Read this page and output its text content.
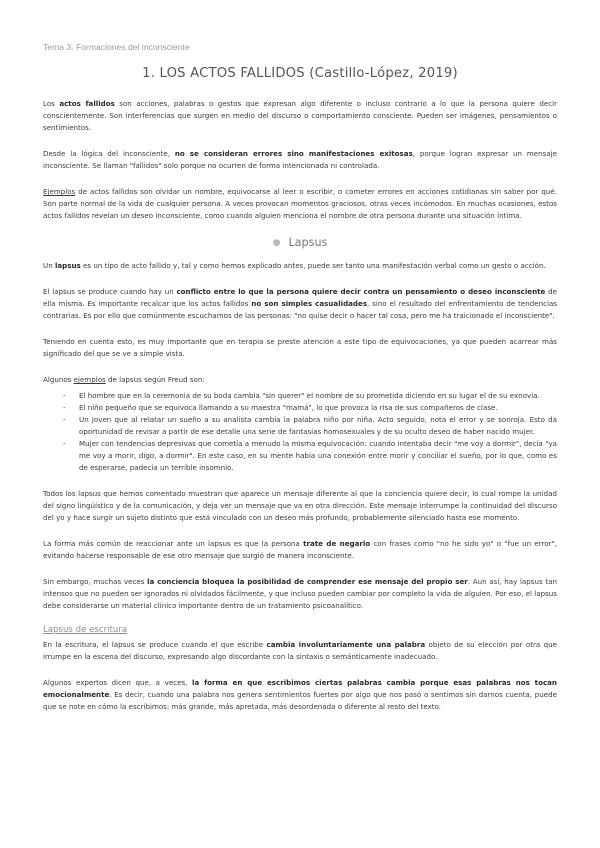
Tema 3. Formaciones del inconsciente
1. LOS ACTOS FALLIDOS (Castillo-López, 2019)

Los actos fallidos son acciones, palabras o gestos que expresan algo diferente o incluso contrario a lo que la persona quiere decir conscientemente. Son interferencias que surgen en medio del discurso o comportamiento consciente. Pueden ser imágenes, pensamientos o sentimientos.

Desde la lógica del inconsciente, no se consideran errores sino manifestaciones exitosas, porque logran expresar un mensaje inconsciente. Se llaman "fallidos" solo porque no ocurren de forma intencionada ni controlada.

Ejemplos de actos fallidos son olvidar un nombre, equivocarse al leer o escribir, o cometer errores en acciones cotidianas sin saber por qué. Son parte normal de la vida de cualquier persona. A veces provocan momentos graciosos, otras veces incómodos. En muchas ocasiones, estos actos fallidos revelan un deseo inconsciente, como cuando alguien menciona el nombre de otra persona durante una situación íntima.

● Lapsus

Un lapsus es un tipo de acto fallido y, tal y como hemos explicado antes, puede ser tanto una manifestación verbal como un gesto o acción.

El lapsus se produce cuando hay un conflicto entre lo que la persona quiere decir contra un pensamiento o deseo inconsciente de ella misma. Es importante recalcar que los actos fallidos no son simples casualidades, sino el resultado del enfrentamiento de tendencias contrarias. Es por ello que comúnmente escuchamos de las personas: "no quise decir o hacer tal cosa, pero me ha traicionado el inconsciente".

Teniendo en cuenta esto, es muy importante que en terapia se preste atención a este tipo de equivocaciones, ya que pueden acarrear más significado del que se ve a simple vista.

Algunos ejemplos de lapsus según Freud son:

- El hombre que en la ceremonia de su boda cambia "sin querer" el nombre de su prometida diciendo en su lugar el de su exnovia.
- El niño pequeño que se equivoca llamando a su maestra "mamá", lo que provoca la risa de sus compañeros de clase.
- Un joven que al relatar un sueño a su analista cambia la palabra niño por niña. Acto seguido, nota el error y se sonroja. Esto da oportunidad de revisar a partir de ese detalle una serie de fantasías homosexuales y de su oculto deseo de haber nacido mujer.
- Mujer con tendencias depresivas que cometía a menudo la misma equivocación: cuando intentaba decir "me voy a dormir", decía "ya me voy a morir, digo, a dormir". En este caso, en su mente había una conexión entre morir y conciliar el sueño, por lo que, como es de esperarse, padecía un terrible insomnio.

Todos los lapsus que hemos comentado muestran que aparece un mensaje diferente al que la conciencia quiere decir, lo cual rompe la unidad del signo lingüístico y de la comunicación, y deja ver un mensaje que va en otra dirección. Este mensaje interrumpe la continuidad del discurso del yo y hace surgir un sujeto distinto que está vinculado con un deseo más profundo, probablemente silenciado hasta ese momento.

La forma más común de reaccionar ante un lapsus es que la persona trate de negarlo con frases como "no he sido yo" o "fue un error", evitando hacerse responsable de ese otro mensaje que surgió de manera inconsciente.

Sin embargo, muchas veces la conciencia bloquea la posibilidad de comprender ese mensaje del propio ser. Aun así, hay lapsus tan intensos que no pueden ser ignorados ni olvidados fácilmente, y que incluso pueden cambiar por completo la vida de alguien. Por eso, el lapsus debe considerarse un material clínico importante dentro de un tratamiento psicoanalítico.

Lapsus de escritura

En la escritura, el lapsus se produce cuando el que escribe cambia involuntariamente una palabra objeto de su elección por otra que irrumpe en la escena del discurso, expresando algo discordante con la sintaxis o semánticamente inadecuado.

Algunos expertos dicen que, a veces, la forma en que escribimos ciertas palabras cambia porque esas palabras nos tocan emocionalmente. Es decir, cuando una palabra nos genera sentimientos fuertes por algo que nos pasó o sentimos sin darnos cuenta, puede que se note en cómo la escribimos: más grande, más apretada, más desordenada o diferente al resto del texto.
